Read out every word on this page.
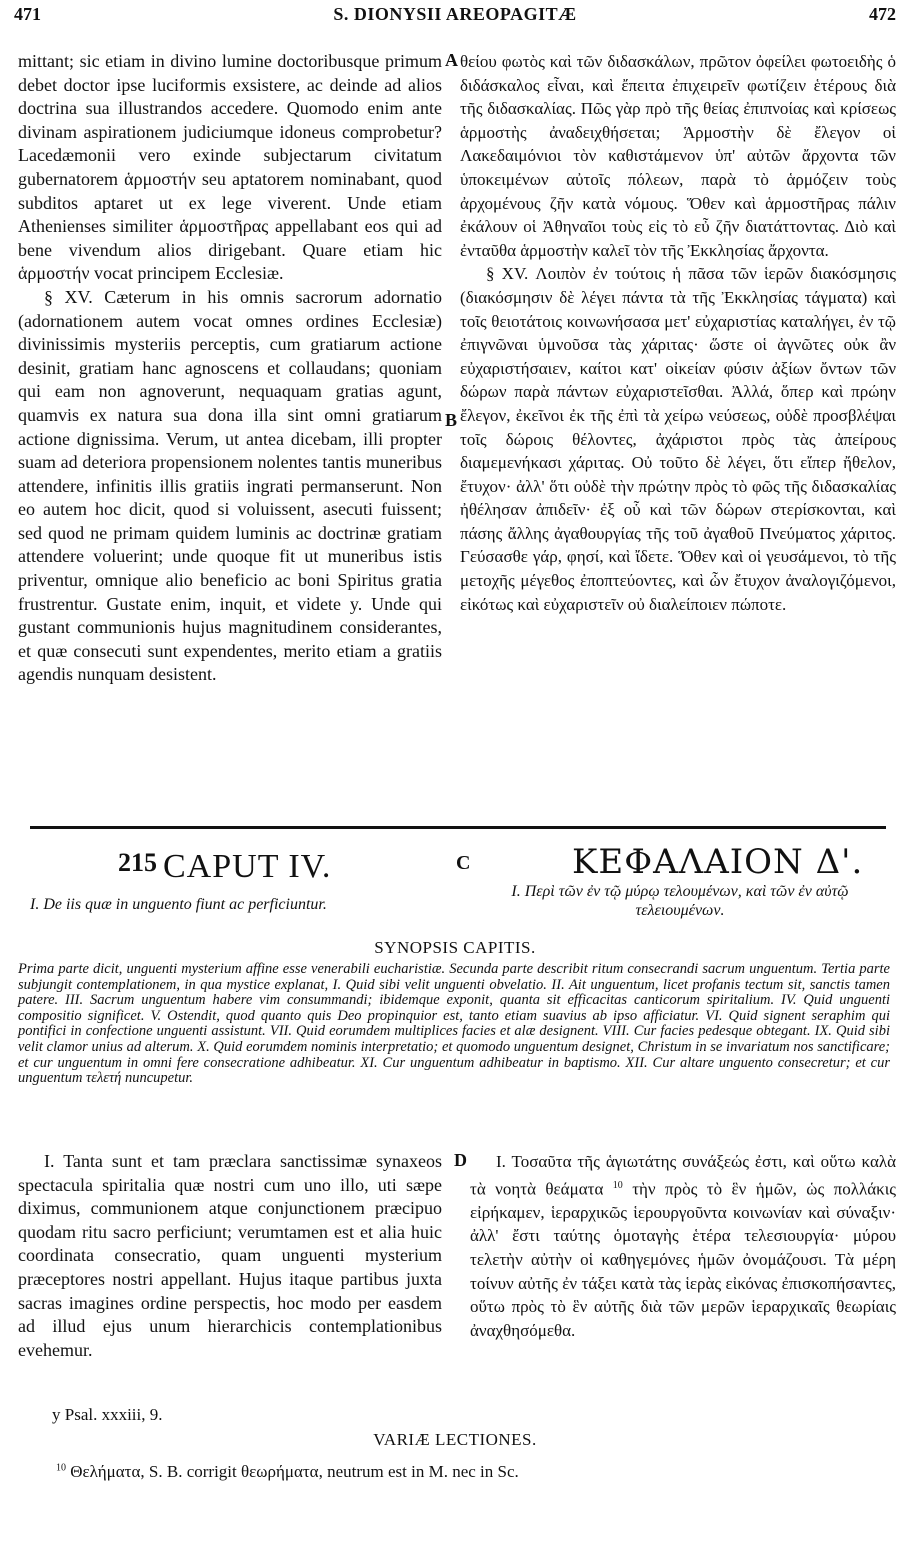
471	S. DIONYSII AREOPAGITÆ	472

mittant; sic etiam in divino lumine doctoribusque primum debet doctor ipse luciformis exsistere, ac deinde ad alios doctrina sua illustrandos accedere. Quomodo enim ante divinam aspirationem judiciumque idoneus comprobetur? Lacedæmonii vero exinde subjectarum civitatum gubernatorem ἁρμοστήν seu aptatorem nominabant, quod subditos aptaret ut ex lege viverent. Unde etiam Athenienses similiter ἁρμοστῆρας appellabant eos qui ad bene vivendum alios dirigebant. Quare etiam hic ἁρμοστήν vocat principem Ecclesiæ.

§ XV. Cæterum in his omnis sacrorum adornatio (adornationem autem vocat omnes ordines Ecclesiæ) divinissimis mysteriis perceptis, cum gratiarum actione desinit, gratiam hanc agnoscens et collaudans; quoniam qui eam non agnoverunt, nequaquam gratias agunt, quamvis ex natura sua dona illa sint omni gratiarum actione dignissima. Verum, ut antea dicebam, illi propter suam ad deteriora propensionem nolentes tantis muneribus attendere, infinitis illis gratiis ingrati permanserunt. Non eo autem hoc dicit, quod si voluissent, asecuti fuissent; sed quod ne primam quidem luminis ac doctrinæ gratiam attendere voluerint; unde quoque fit ut muneribus istis priventur, omnique alio beneficio ac boni Spiritus gratia frustrentur. Gustate enim, inquit, et videte y. Unde qui gustant communionis hujus magnitudinem considerantes, et quæ consecuti sunt expendentes, merito etiam a gratiis agendis nunquam desistent.

A
B

θείου φωτὸς καὶ τῶν διδασκάλων, πρῶτον ὀφείλει φωτοειδὴς ὁ διδάσκαλος εἶναι, καὶ ἔπειτα ἐπιχειρεῖν φωτίζειν ἑτέρους διὰ τῆς διδασκαλίας. Πῶς γὰρ πρὸ τῆς θείας ἐπιπνοίας καὶ κρίσεως ἁρμοστὴς ἀναδειχθήσεται; Ἁρμοστὴν δὲ ἔλεγον οἱ Λακεδαιμόνιοι τὸν καθιστάμενον ὑπ' αὐτῶν ἄρχοντα τῶν ὑποκειμένων αὐτοῖς πόλεων, παρὰ τὸ ἁρμόζειν τοὺς ἀρχομένους ζῆν κατὰ νόμους. Ὅθεν καὶ ἁρμοστῆρας πάλιν ἐκάλουν οἱ Ἀθηναῖοι τοὺς εἰς τὸ εὖ ζῆν διατάττοντας. Διὸ καὶ ἐνταῦθα ἁρμοστὴν καλεῖ τὸν τῆς Ἐκκλησίας ἄρχοντα.

§ XV. Λοιπὸν ἐν τούτοις ἡ πᾶσα τῶν ἱερῶν διακόσμησις (διακόσμησιν δὲ λέγει πάντα τὰ τῆς Ἐκκλησίας τάγματα) καὶ τοῖς θειοτάτοις κοινωνήσασα μετ' εὐχαριστίας καταλήγει, ἐν τῷ ἐπιγνῶναι ὑμνοῦσα τὰς χάριτας· ὥστε οἱ ἀγνῶτες οὐκ ἂν εὐχαριστήσαιεν, καίτοι κατ' οἰκείαν φύσιν ἀξίων ὄντων τῶν δώρων παρὰ πάντων εὐχαριστεῖσθαι. Ἀλλά, ὅπερ καὶ πρώην ἔλεγον, ἐκεῖνοι ἐκ τῆς ἐπὶ τὰ χείρω νεύσεως, οὐδὲ προσβλέψαι τοῖς δώροις θέλοντες, ἀχάριστοι πρὸς τὰς ἀπείρους διαμεμενήκασι χάριτας. Οὐ τοῦτο δὲ λέγει, ὅτι εἴπερ ἤθελον, ἔτυχον· ἀλλ' ὅτι οὐδὲ τὴν πρώτην πρὸς τὸ φῶς τῆς διδασκαλίας ἠθέλησαν ἀπιδεῖν· ἐξ οὗ καὶ τῶν δώρων στερίσκονται, καὶ πάσης ἄλλης ἀγαθουργίας τῆς τοῦ ἀγαθοῦ Πνεύματος χάριτος. Γεύσασθε γάρ, φησί, καὶ ἴδετε. Ὅθεν καὶ οἱ γευσάμενοι, τὸ τῆς μετοχῆς μέγεθος ἐποπτεύοντες, καὶ ὧν ἔτυχον ἀναλογιζόμενοι, εἰκότως καὶ εὐχαριστεῖν οὐ διαλείποιεν πώποτε.

215 CAPUT IV.	C	ΚΕΦΑΛΑΙΟΝ Δ'.
I. De iis quæ in unguento fiunt ac perficiuntur.
Ι. Περὶ τῶν ἐν τῷ μύρῳ τελουμένων, καὶ τῶν ἐν αὐτῷ τελειουμένων.
SYNOPSIS CAPITIS.
Prima parte dicit, unguenti mysterium affine esse venerabili eucharistiæ. Secunda parte describit ritum consecrandi sacrum unguentum. Tertia parte subjungit contemplationem, in qua mystice explanat, I. Quid sibi velit unguenti obvelatio. II. Ait unguentum, licet profanis tectum sit, sanctis tamen patere. III. Sacrum unguentum habere vim consummandi; ibidemque exponit, quanta sit efficacitas canticorum spiritalium. IV. Quid unguenti compositio significet. V. Ostendit, quod quanto quis Deo propinquior est, tanto etiam suavius ab ipso afficiatur. VI. Quid signent seraphim qui pontifici in confectione unguenti assistunt. VII. Quid eorumdem multiplices facies et alæ designent. VIII. Cur facies pedesque obtegant. IX. Quid sibi velit clamor unius ad alterum. X. Quid eorumdem nominis interpretatio; et quomodo unguentum designet, Christum in se invariatum nos sanctificare; et cur unguentum in omni fere consecratione adhibeatur. XI. Cur unguentum adhibeatur in baptismo. XII. Cur altare unguento consecretur; et cur unguentum τελετή nuncupetur.

I. Tanta sunt et tam præclara sanctissimæ synaxeos spectacula spiritalia quæ nostri cum uno illo, uti sæpe diximus, communionem atque conjunctionem præcipuo quodam ritu sacro perficiunt; verumtamen est et alia huic coordinata consecratio, quam unguenti mysterium præceptores nostri appellant. Hujus itaque partibus juxta sacras imagines ordine perspectis, hoc modo per easdem ad illud ejus unum hierarchicis contemplationibus evehemur.

D	Ι. Τοσαῦτα τῆς ἁγιωτάτης συνάξεώς ἐστι, καὶ οὕτω καλὰ τὰ νοητὰ θεάματα $^{10}$ τὴν πρὸς τὸ ἓν ἡμῶν, ὡς πολλάκις εἰρήκαμεν, ἱεραρχικῶς ἱερουργοῦντα κοινωνίαν καὶ σύναξιν· ἀλλ' ἔστι ταύτης ὁμοταγὴς ἑτέρα τελεσιουργία· μύρου τελετὴν αὐτὴν οἱ καθηγεμόνες ἡμῶν ὀνομάζουσι. Τὰ μέρη τοίνυν αὐτῆς ἐν τάξει κατὰ τὰς ἱερὰς εἰκόνας ἐπισκοπήσαντες, οὕτω πρὸς τὸ ἓν αὐτῆς διὰ τῶν μερῶν ἱεραρχικαῖς θεωρίαις ἀναχθησόμεθα.

y Psal. xxxiii, 9.
VARIÆ LECTIONES.
$^{10}$ Θελήματα, S. B. corrigit θεωρήματα, neutrum est in M. nec in Sc.
